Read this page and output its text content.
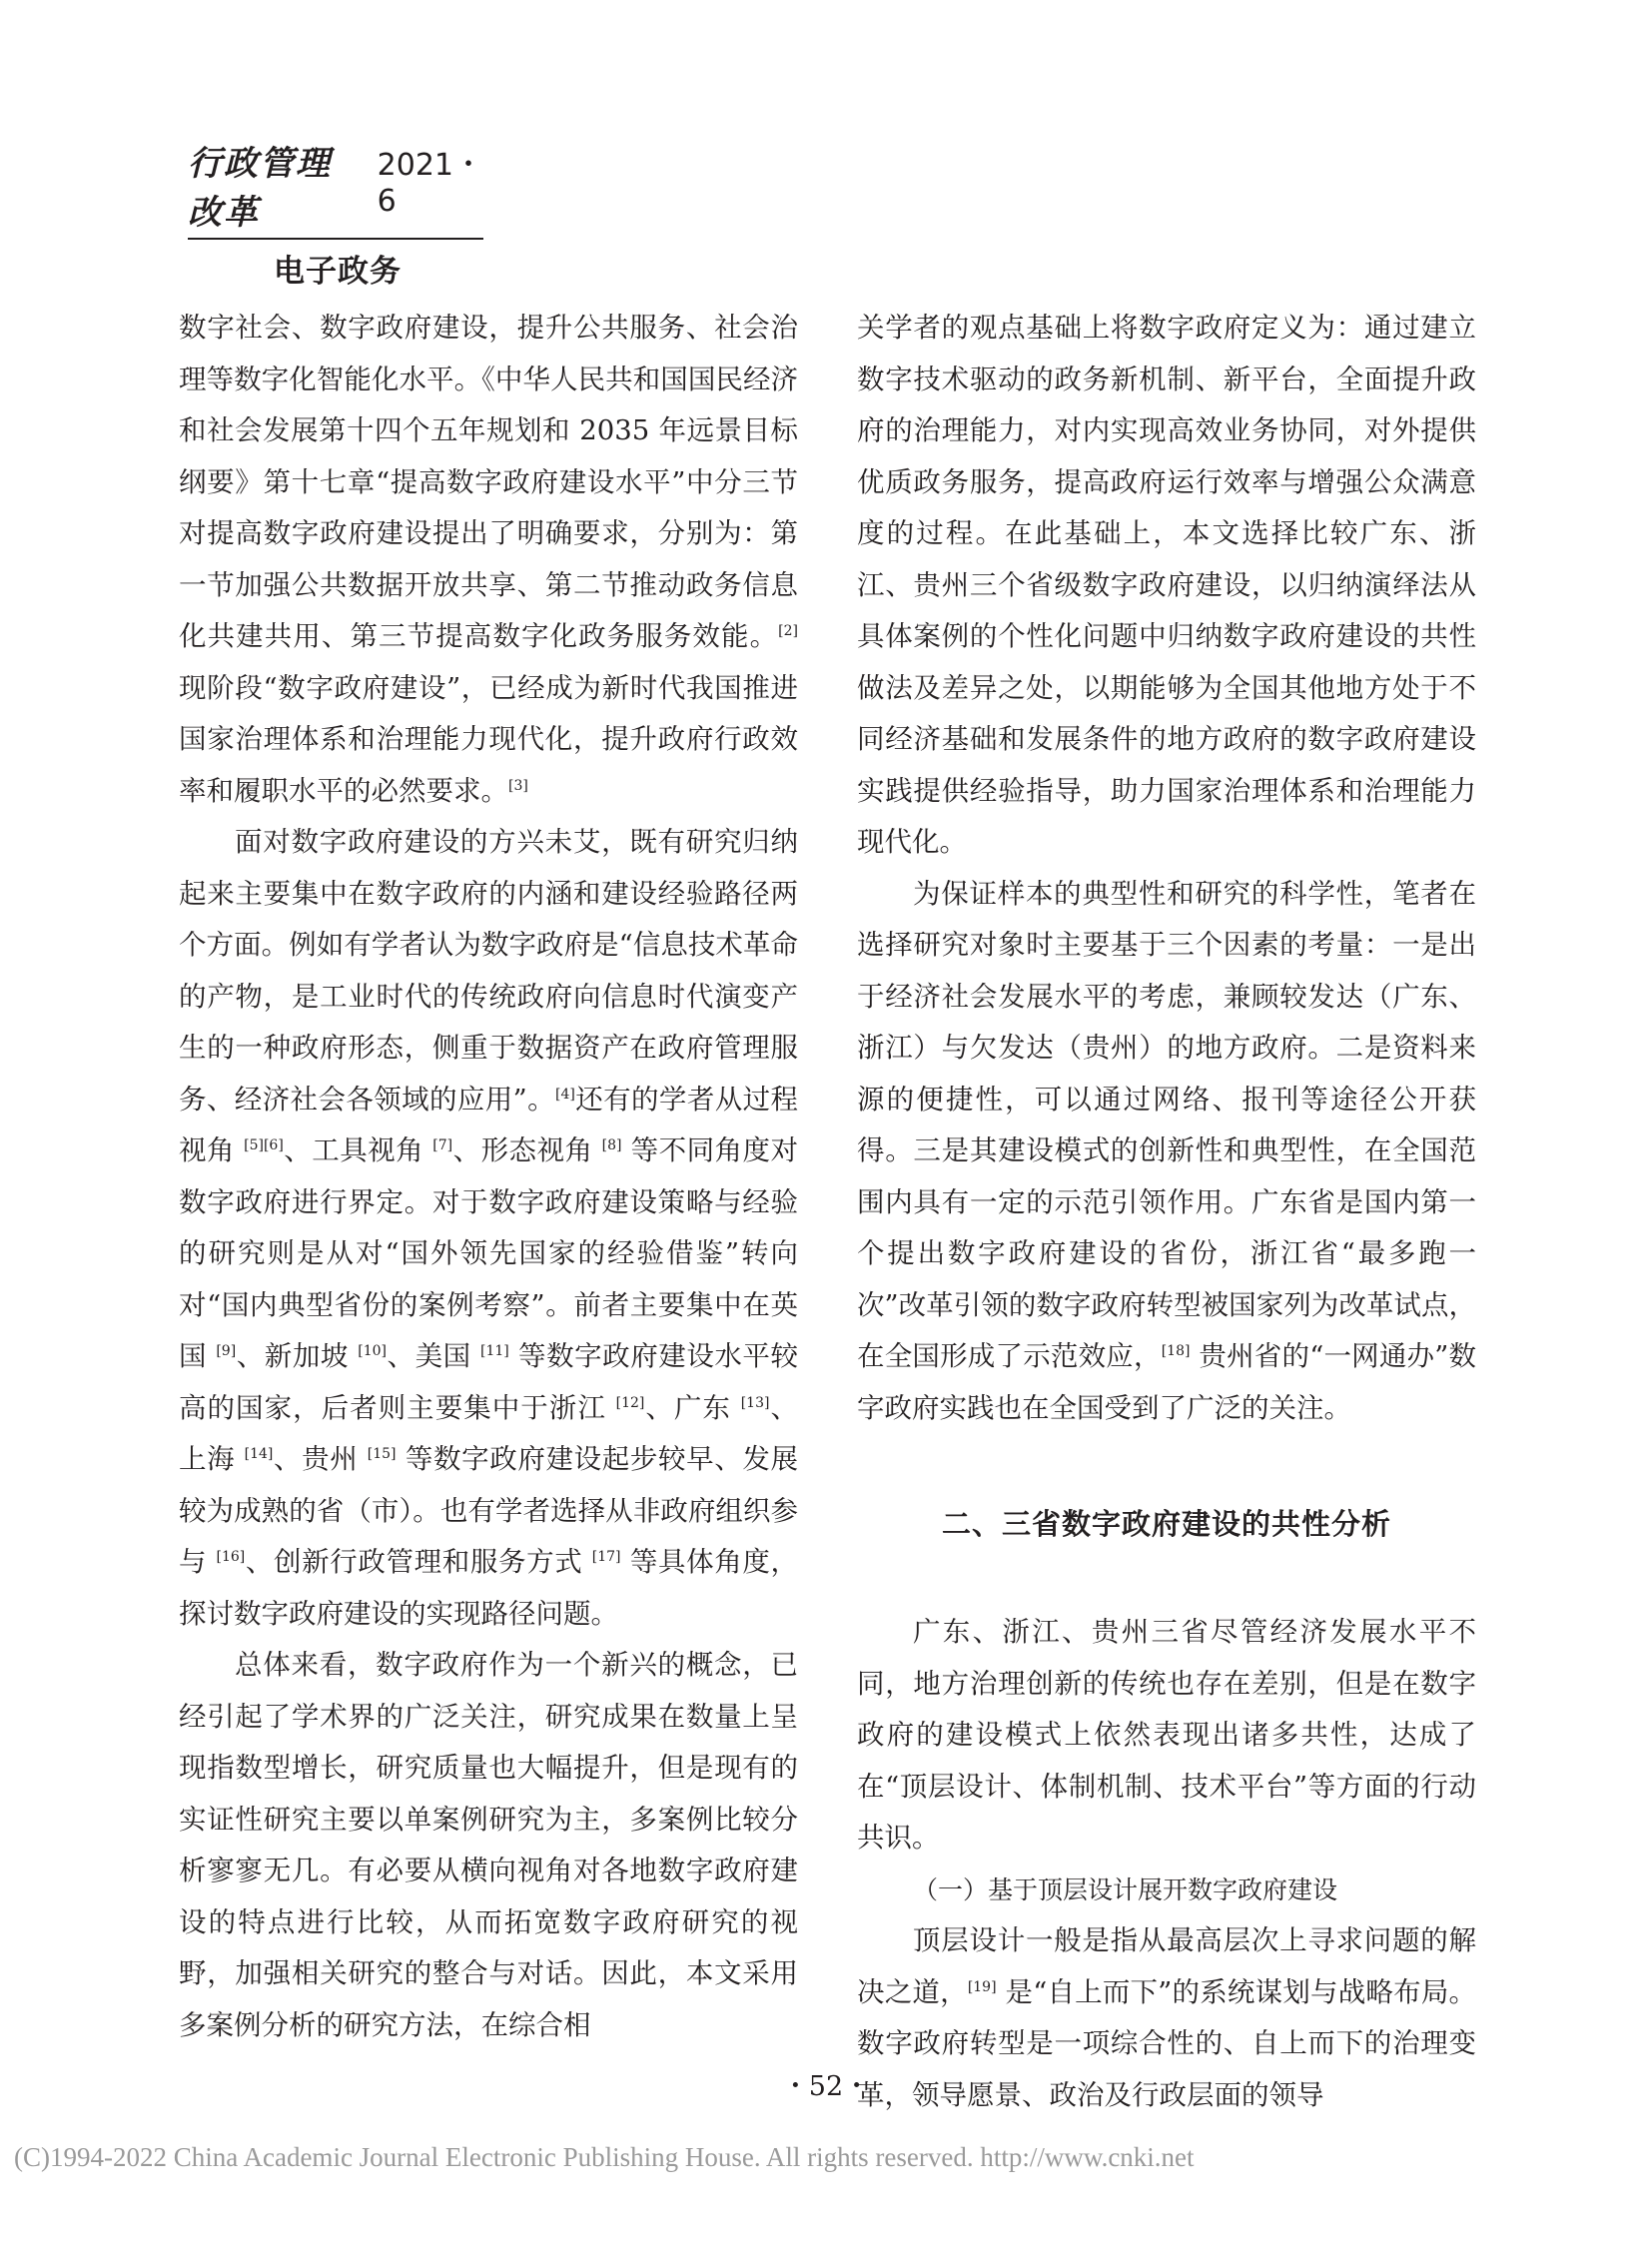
行政管理改革
2021・6
电子政务

数字社会、数字政府建设，提升公共服务、社会治理等数字化智能化水平。《中华人民共和国国民经济和社会发展第十四个五年规划和 2035 年远景目标纲要》第十七章“提高数字政府建设水平”中分三节对提高数字政府建设提出了明确要求，分别为：第一节加强公共数据开放共享、第二节推动政务信息化共建共用、第三节提高数字化政务服务效能。[2] 现阶段“数字政府建设”，已经成为新时代我国推进国家治理体系和治理能力现代化，提升政府行政效率和履职水平的必然要求。[3]

面对数字政府建设的方兴未艾，既有研究归纳起来主要集中在数字政府的内涵和建设经验路径两个方面。例如有学者认为数字政府是“信息技术革命的产物，是工业时代的传统政府向信息时代演变产生的一种政府形态，侧重于数据资产在政府管理服务、经济社会各领域的应用”。[4]还有的学者从过程视角 [5][6]、工具视角 [7]、形态视角 [8] 等不同角度对数字政府进行界定。对于数字政府建设策略与经验的研究则是从对“国外领先国家的经验借鉴”转向对“国内典型省份的案例考察”。前者主要集中在英国 [9]、新加坡 [10]、美国 [11] 等数字政府建设水平较高的国家，后者则主要集中于浙江 [12]、广东 [13]、上海 [14]、贵州 [15] 等数字政府建设起步较早、发展较为成熟的省（市）。也有学者选择从非政府组织参与 [16]、创新行政管理和服务方式 [17] 等具体角度，探讨数字政府建设的实现路径问题。

总体来看，数字政府作为一个新兴的概念，已经引起了学术界的广泛关注，研究成果在数量上呈现指数型增长，研究质量也大幅提升，但是现有的实证性研究主要以单案例研究为主，多案例比较分析寥寥无几。有必要从横向视角对各地数字政府建设的特点进行比较，从而拓宽数字政府研究的视野，加强相关研究的整合与对话。因此，本文采用多案例分析的研究方法，在综合相

关学者的观点基础上将数字政府定义为：通过建立数字技术驱动的政务新机制、新平台，全面提升政府的治理能力，对内实现高效业务协同，对外提供优质政务服务，提高政府运行效率与增强公众满意度的过程。在此基础上，本文选择比较广东、浙江、贵州三个省级数字政府建设，以归纳演绎法从具体案例的个性化问题中归纳数字政府建设的共性做法及差异之处，以期能够为全国其他地方处于不同经济基础和发展条件的地方政府的数字政府建设实践提供经验指导，助力国家治理体系和治理能力现代化。

为保证样本的典型性和研究的科学性，笔者在选择研究对象时主要基于三个因素的考量：一是出于经济社会发展水平的考虑，兼顾较发达（广东、浙江）与欠发达（贵州）的地方政府。二是资料来源的便捷性，可以通过网络、报刊等途径公开获得。三是其建设模式的创新性和典型性，在全国范围内具有一定的示范引领作用。广东省是国内第一个提出数字政府建设的省份，浙江省“最多跑一次”改革引领的数字政府转型被国家列为改革试点，在全国形成了示范效应，[18] 贵州省的“一网通办”数字政府实践也在全国受到了广泛的关注。

二、三省数字政府建设的共性分析

广东、浙江、贵州三省尽管经济发展水平不同，地方治理创新的传统也存在差别，但是在数字政府的建设模式上依然表现出诸多共性，达成了在“顶层设计、体制机制、技术平台”等方面的行动共识。

（一）基于顶层设计展开数字政府建设

顶层设计一般是指从最高层次上寻求问题的解决之道，[19] 是“自上而下”的系统谋划与战略布局。数字政府转型是一项综合性的、自上而下的治理变革，领导愿景、政治及行政层面的领导

・52・
(C)1994-2022 China Academic Journal Electronic Publishing House. All rights reserved. http://www.cnki.net
